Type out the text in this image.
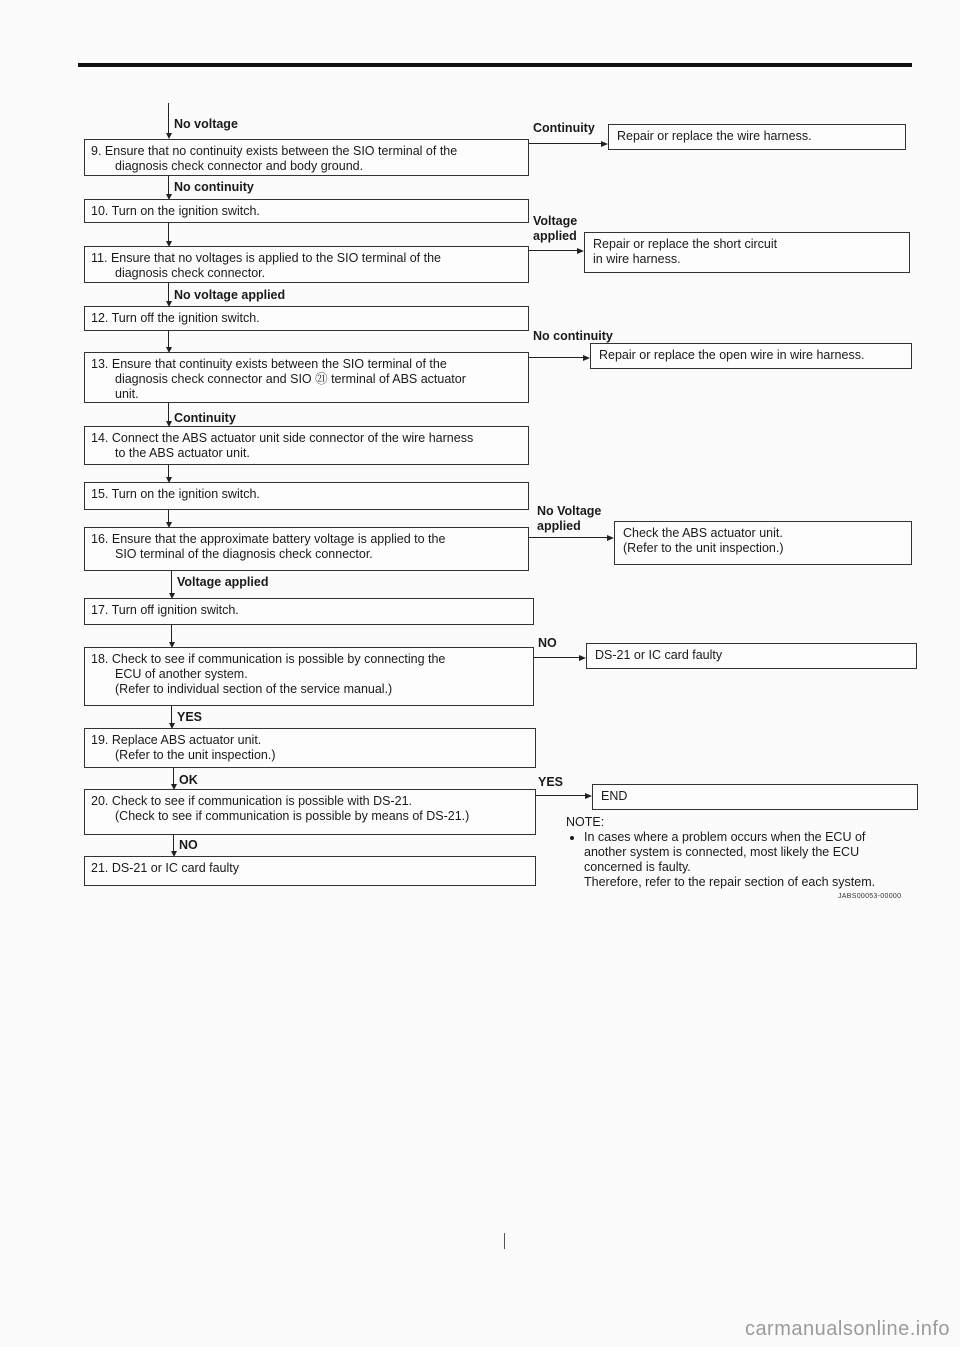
No voltage
9. Ensure that no continuity exists between the SIO terminal of the
diagnosis check connector and body ground.
Continuity
Repair or replace the wire harness.
No continuity
10. Turn on the ignition switch.
11. Ensure that no voltages is applied to the SIO terminal of the
diagnosis check connector.
Voltage
applied
Repair or replace the short circuit
in wire harness.
No voltage applied
12. Turn off the ignition switch.
13. Ensure that continuity exists between the SIO terminal of the
diagnosis check connector and SIO ㉑ terminal of ABS actuator
unit.
No continuity
Repair or replace the open wire in wire harness.
Continuity
14. Connect the ABS actuator unit side connector of the wire harness
to the ABS actuator unit.
15. Turn on the ignition switch.
16. Ensure that the approximate battery voltage is applied to the
SIO terminal of the diagnosis check connector.
No Voltage
applied	Check the ABS actuator unit.
(Refer to the unit inspection.)
Voltage applied
17. Turn off ignition switch.
18. Check to see if communication is possible by connecting the
ECU of another system.
(Refer to individual section of the service manual.)
NO
DS-21 or IC card faulty
YES
19. Replace ABS actuator unit.
(Refer to the unit inspection.)
OK
20. Check to see if communication is possible with DS-21.
(Check to see if communication is possible by means of DS-21.)
YES
END
NO
21. DS-21 or IC card faulty
NOTE:
• In cases where a problem occurs when the ECU of
another system is connected, most likely the ECU
concerned is faulty.
Therefore, refer to the repair section of each system.
JABS00053-00000
carmanualsonline.info
